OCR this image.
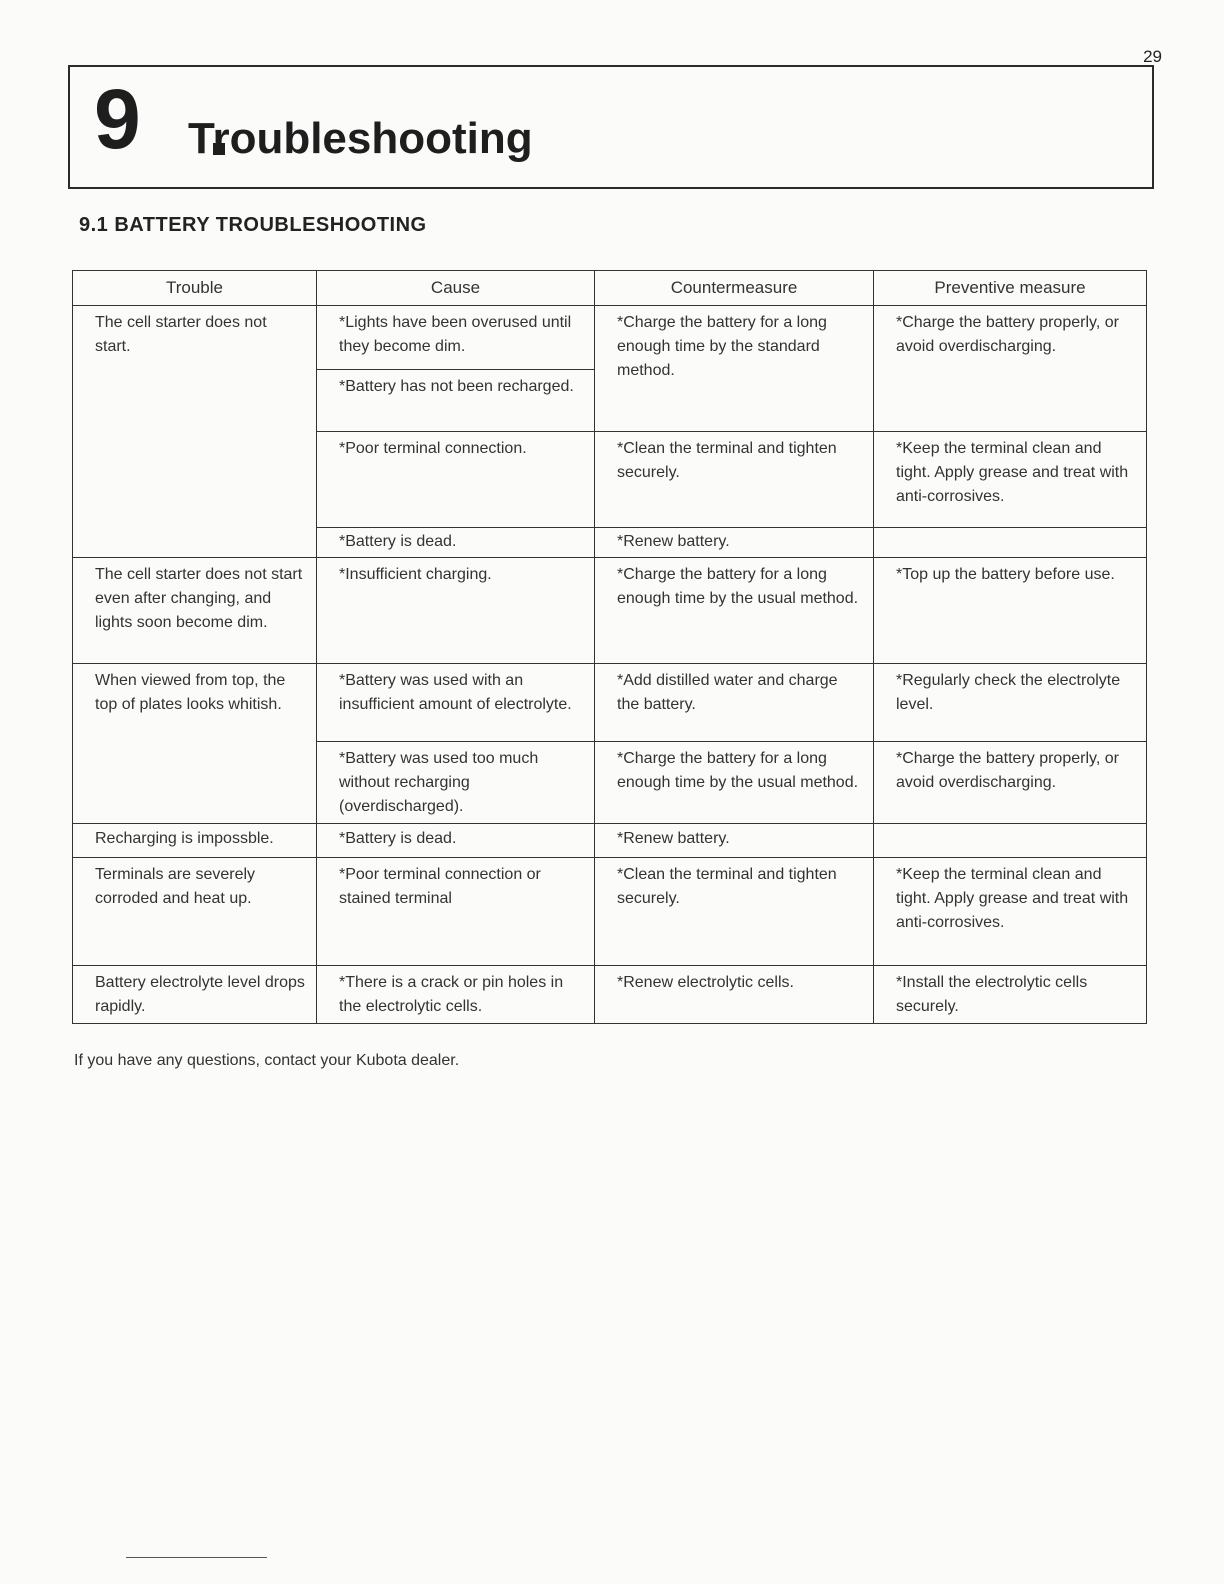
29
9 Troubleshooting
9.1 BATTERY TROUBLESHOOTING
Trouble	Cause	Countermeasure	Preventive measure
The cell starter does not start.	*Lights have been overused until they become dim.	*Charge the battery for a long enough time by the standard method.	*Charge the battery properly, or avoid overdischarging.
	*Battery has not been recharged.		
	*Poor terminal connection.	*Clean the terminal and tighten securely.	*Keep the terminal clean and tight. Apply grease and treat with anti-corrosives.
	*Battery is dead.	*Renew battery.	
The cell starter does not start even after changing, and lights soon become dim.	*Insufficient charging.	*Charge the battery for a long enough time by the usual method.	*Top up the battery before use.
When viewed from top, the top of plates looks whitish.	*Battery was used with an insufficient amount of electrolyte.	*Add distilled water and charge the battery.	*Regularly check the electrolyte level.
	*Battery was used too much without recharging (overdischarged).	*Charge the battery for a long enough time by the usual method.	*Charge the battery properly, or avoid overdischarging.
Recharging is impossble.	*Battery is dead.	*Renew battery.	
Terminals are severely corroded and heat up.	*Poor terminal connection or stained terminal	*Clean the terminal and tighten securely.	*Keep the terminal clean and tight. Apply grease and treat with anti-corrosives.
Battery electrolyte level drops rapidly.	*There is a crack or pin holes in the electrolytic cells.	*Renew electrolytic cells.	*Install the electrolytic cells securely.
If you have any questions, contact your Kubota dealer.
